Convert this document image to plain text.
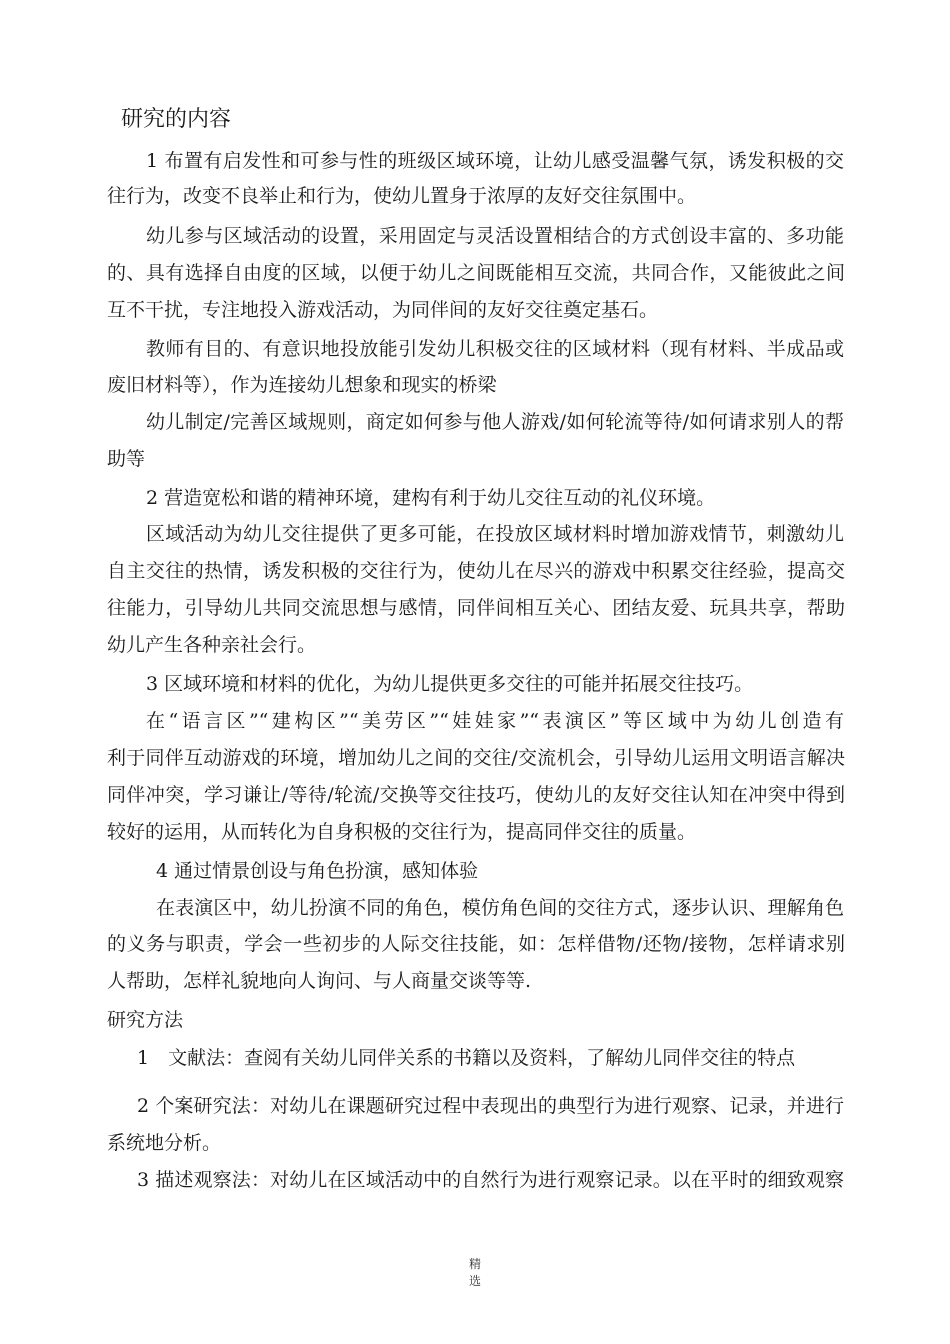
研究的内容
1 布置有启发性和可参与性的班级区域环境，让幼儿感受温馨气氛，诱发积极的交
往行为，改变不良举止和行为，使幼儿置身于浓厚的友好交往氛围中。
幼儿参与区域活动的设置，采用固定与灵活设置相结合的方式创设丰富的、多功能
的、具有选择自由度的区域，以便于幼儿之间既能相互交流，共同合作，又能彼此之间
互不干扰，专注地投入游戏活动，为同伴间的友好交往奠定基石。
教师有目的、有意识地投放能引发幼儿积极交往的区域材料（现有材料、半成品或
废旧材料等），作为连接幼儿想象和现实的桥梁
幼儿制定/完善区域规则，商定如何参与他人游戏/如何轮流等待/如何请求别人的帮
助等
2 营造宽松和谐的精神环境，建构有利于幼儿交往互动的礼仪环境。
区域活动为幼儿交往提供了更多可能，在投放区域材料时增加游戏情节，刺激幼儿
自主交往的热情，诱发积极的交往行为，使幼儿在尽兴的游戏中积累交往经验，提高交
往能力，引导幼儿共同交流思想与感情，同伴间相互关心、团结友爱、玩具共享，帮助
幼儿产生各种亲社会行。
3 区域环境和材料的优化，为幼儿提供更多交往的可能并拓展交往技巧。
在“语言区”“建构区”“美劳区”“娃娃家”“表演区”等区域中为幼儿创造有
利于同伴互动游戏的环境，增加幼儿之间的交往/交流机会，引导幼儿运用文明语言解决
同伴冲突，学习谦让/等待/轮流/交换等交往技巧，使幼儿的友好交往认知在冲突中得到
较好的运用，从而转化为自身积极的交往行为，提高同伴交往的质量。
4 通过情景创设与角色扮演，感知体验
在表演区中，幼儿扮演不同的角色，模仿角色间的交往方式，逐步认识、理解角色
的义务与职责，学会一些初步的人际交往技能，如：怎样借物/还物/接物，怎样请求别
人帮助，怎样礼貌地向人询问、与人商量交谈等等.
研究方法
1　文献法：查阅有关幼儿同伴关系的书籍以及资料，了解幼儿同伴交往的特点
2 个案研究法：对幼儿在课题研究过程中表现出的典型行为进行观察、记录，并进行
系统地分析。
3 描述观察法：对幼儿在区域活动中的自然行为进行观察记录。以在平时的细致观察
精
选
